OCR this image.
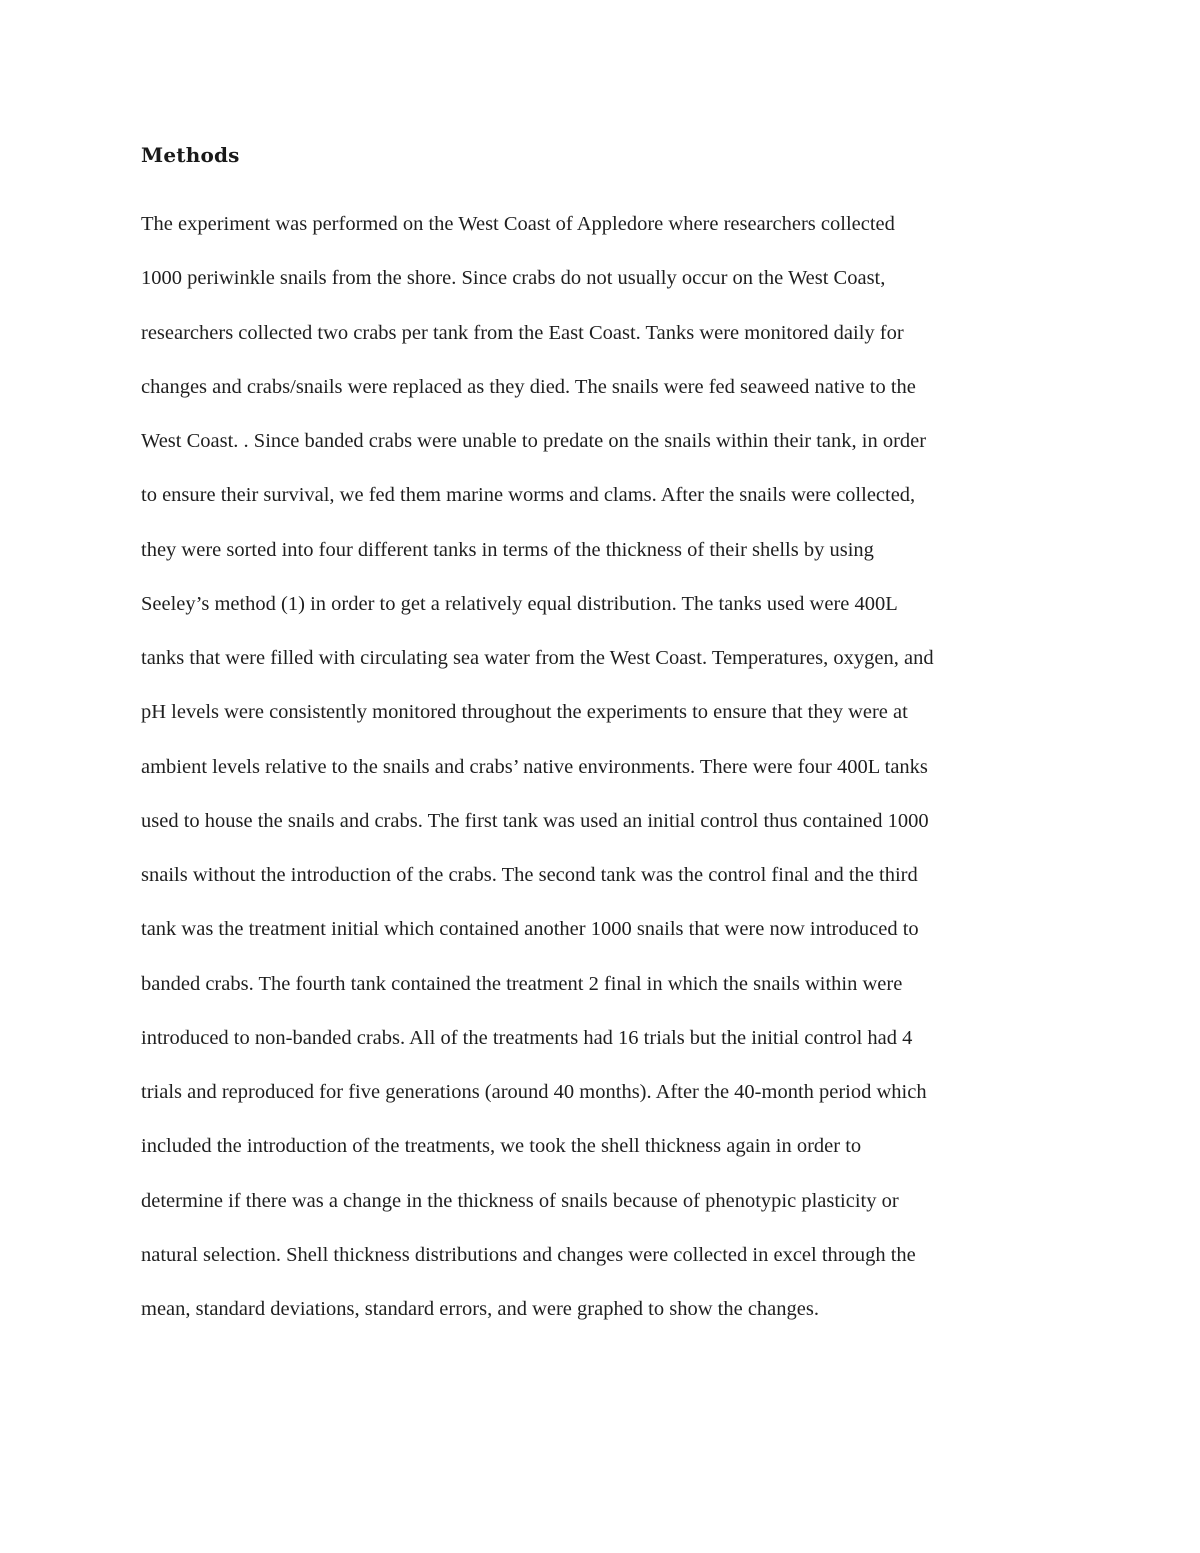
Methods
The experiment was performed on the West Coast of Appledore where researchers collected
1000 periwinkle snails from the shore. Since crabs do not usually occur on the West Coast,
researchers collected two crabs per tank from the East Coast. Tanks were monitored daily for
changes and crabs/snails were replaced as they died. The snails were fed seaweed native to the
West Coast. . Since banded crabs were unable to predate on the snails within their tank, in order
to ensure their survival, we fed them marine worms and clams. After the snails were collected,
they were sorted into four different tanks in terms of the thickness of their shells by using
Seeley’s method (1) in order to get a relatively equal distribution. The tanks used were 400L
tanks that were filled with circulating sea water from the West Coast. Temperatures, oxygen, and
pH levels were consistently monitored throughout the experiments to ensure that they were at
ambient levels relative to the snails and crabs’ native environments. There were four 400L tanks
used to house the snails and crabs. The first tank was used an initial control thus contained 1000
snails without the introduction of the crabs. The second tank was the control final and the third
tank was the treatment initial which contained another 1000 snails that were now introduced to
banded crabs. The fourth tank contained the treatment 2 final in which the snails within were
introduced to non-banded crabs. All of the treatments had 16 trials but the initial control had 4
trials and reproduced for five generations (around 40 months). After the 40-month period which
included the introduction of the treatments, we took the shell thickness again in order to
determine if there was a change in the thickness of snails because of phenotypic plasticity or
natural selection. Shell thickness distributions and changes were collected in excel through the
mean, standard deviations, standard errors, and were graphed to show the changes.
